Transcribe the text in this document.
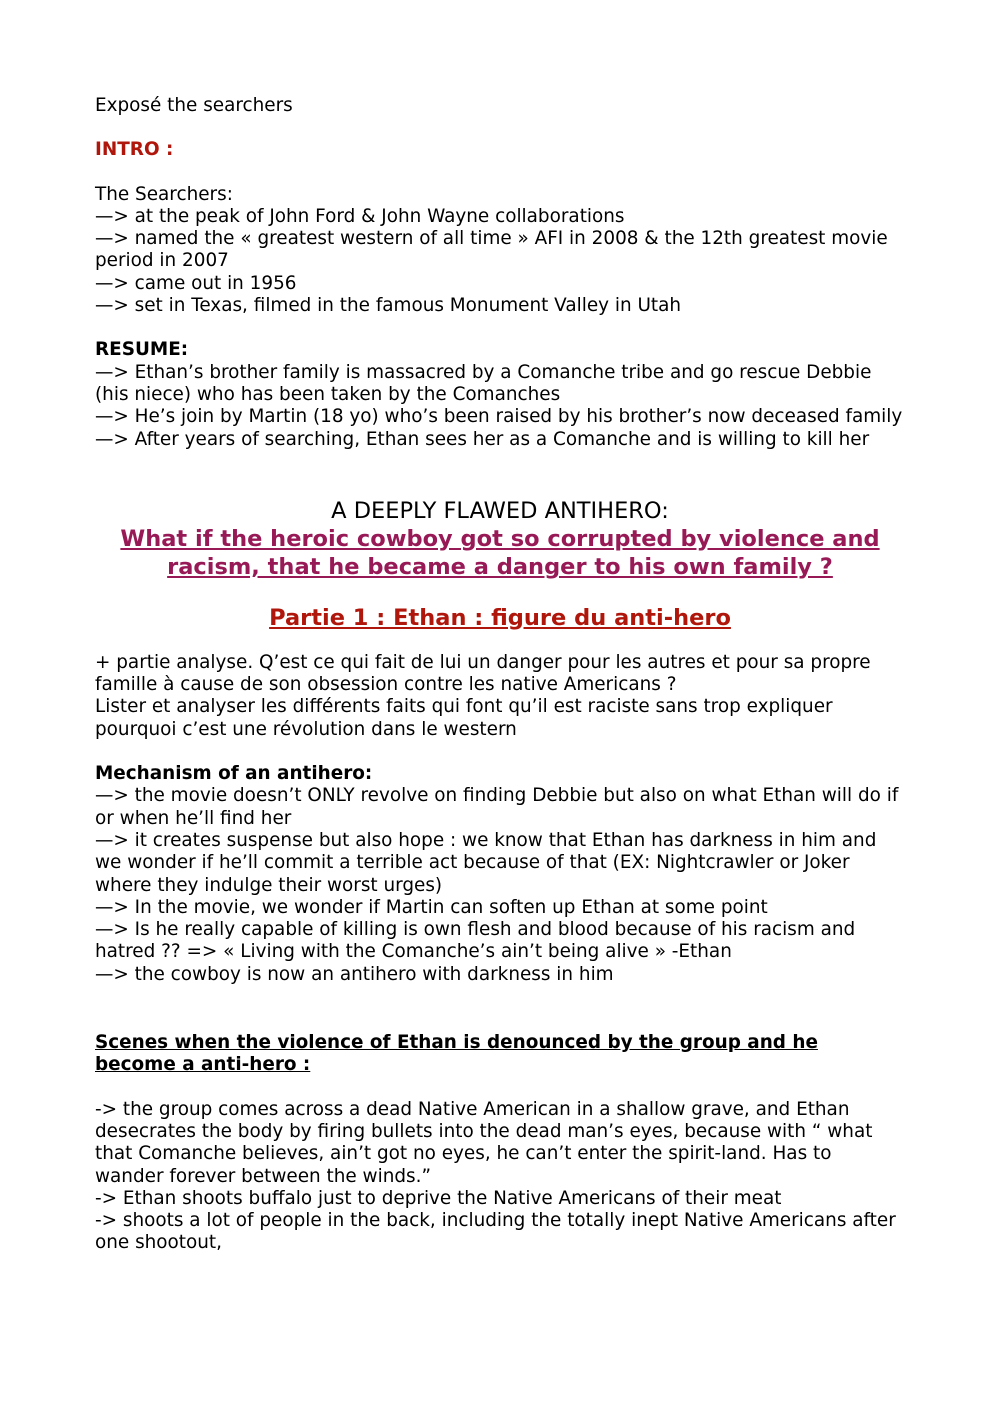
Exposé the searchers

INTRO :

The Searchers:

—> at the peak of John Ford & John Wayne collaborations

—> named the « greatest western of all time » AFI in 2008 & the 12th greatest movie period in 2007

—> came out in 1956

—> set in Texas, filmed in the famous Monument Valley in Utah

RESUME:

—> Ethan’s brother family is massacred by a Comanche tribe and go rescue Debbie (his niece) who has been taken by the Comanches

—> He’s join by Martin (18 yo) who’s been raised by his brother’s now deceased family

—> After years of searching, Ethan sees her as a Comanche and is willing to kill her

A DEEPLY FLAWED ANTIHERO:

What if the heroic cowboy got so corrupted by violence and racism, that he became a danger to his own family ?

Partie 1 : Ethan : figure du anti-hero

+ partie analyse. Q’est ce qui fait de lui un danger pour les autres et pour sa propre famille à cause de son obsession contre les native Americans ?

Lister et analyser les différents faits qui font qu’il est raciste sans trop expliquer pourquoi c’est une révolution dans le western

Mechanism of an antihero:

—> the movie doesn’t ONLY revolve on finding Debbie but also on what Ethan will do if or when he’ll find her

—> it creates suspense but also hope : we know that Ethan has darkness in him and we wonder if he’ll commit a terrible act because of that (EX: Nightcrawler or Joker where they indulge their worst urges)

—> In the movie, we wonder if Martin can soften up Ethan at some point

—> Is he really capable of killing is own flesh and blood because of his racism and hatred ?? => « Living with the Comanche’s ain’t being alive » -Ethan

—> the cowboy is now an antihero with darkness in him

Scenes when the violence of Ethan is denounced by the group and he become a anti-hero :

-> the group comes across a dead Native American in a shallow grave, and Ethan desecrates the body by firing bullets into the dead man’s eyes, because with “ what that Comanche believes, ain’t got no eyes, he can’t enter the spirit-land. Has to wander forever between the winds.”

-> Ethan shoots buffalo just to deprive the Native Americans of their meat

-> shoots a lot of people in the back, including the totally inept Native Americans after one shootout,
